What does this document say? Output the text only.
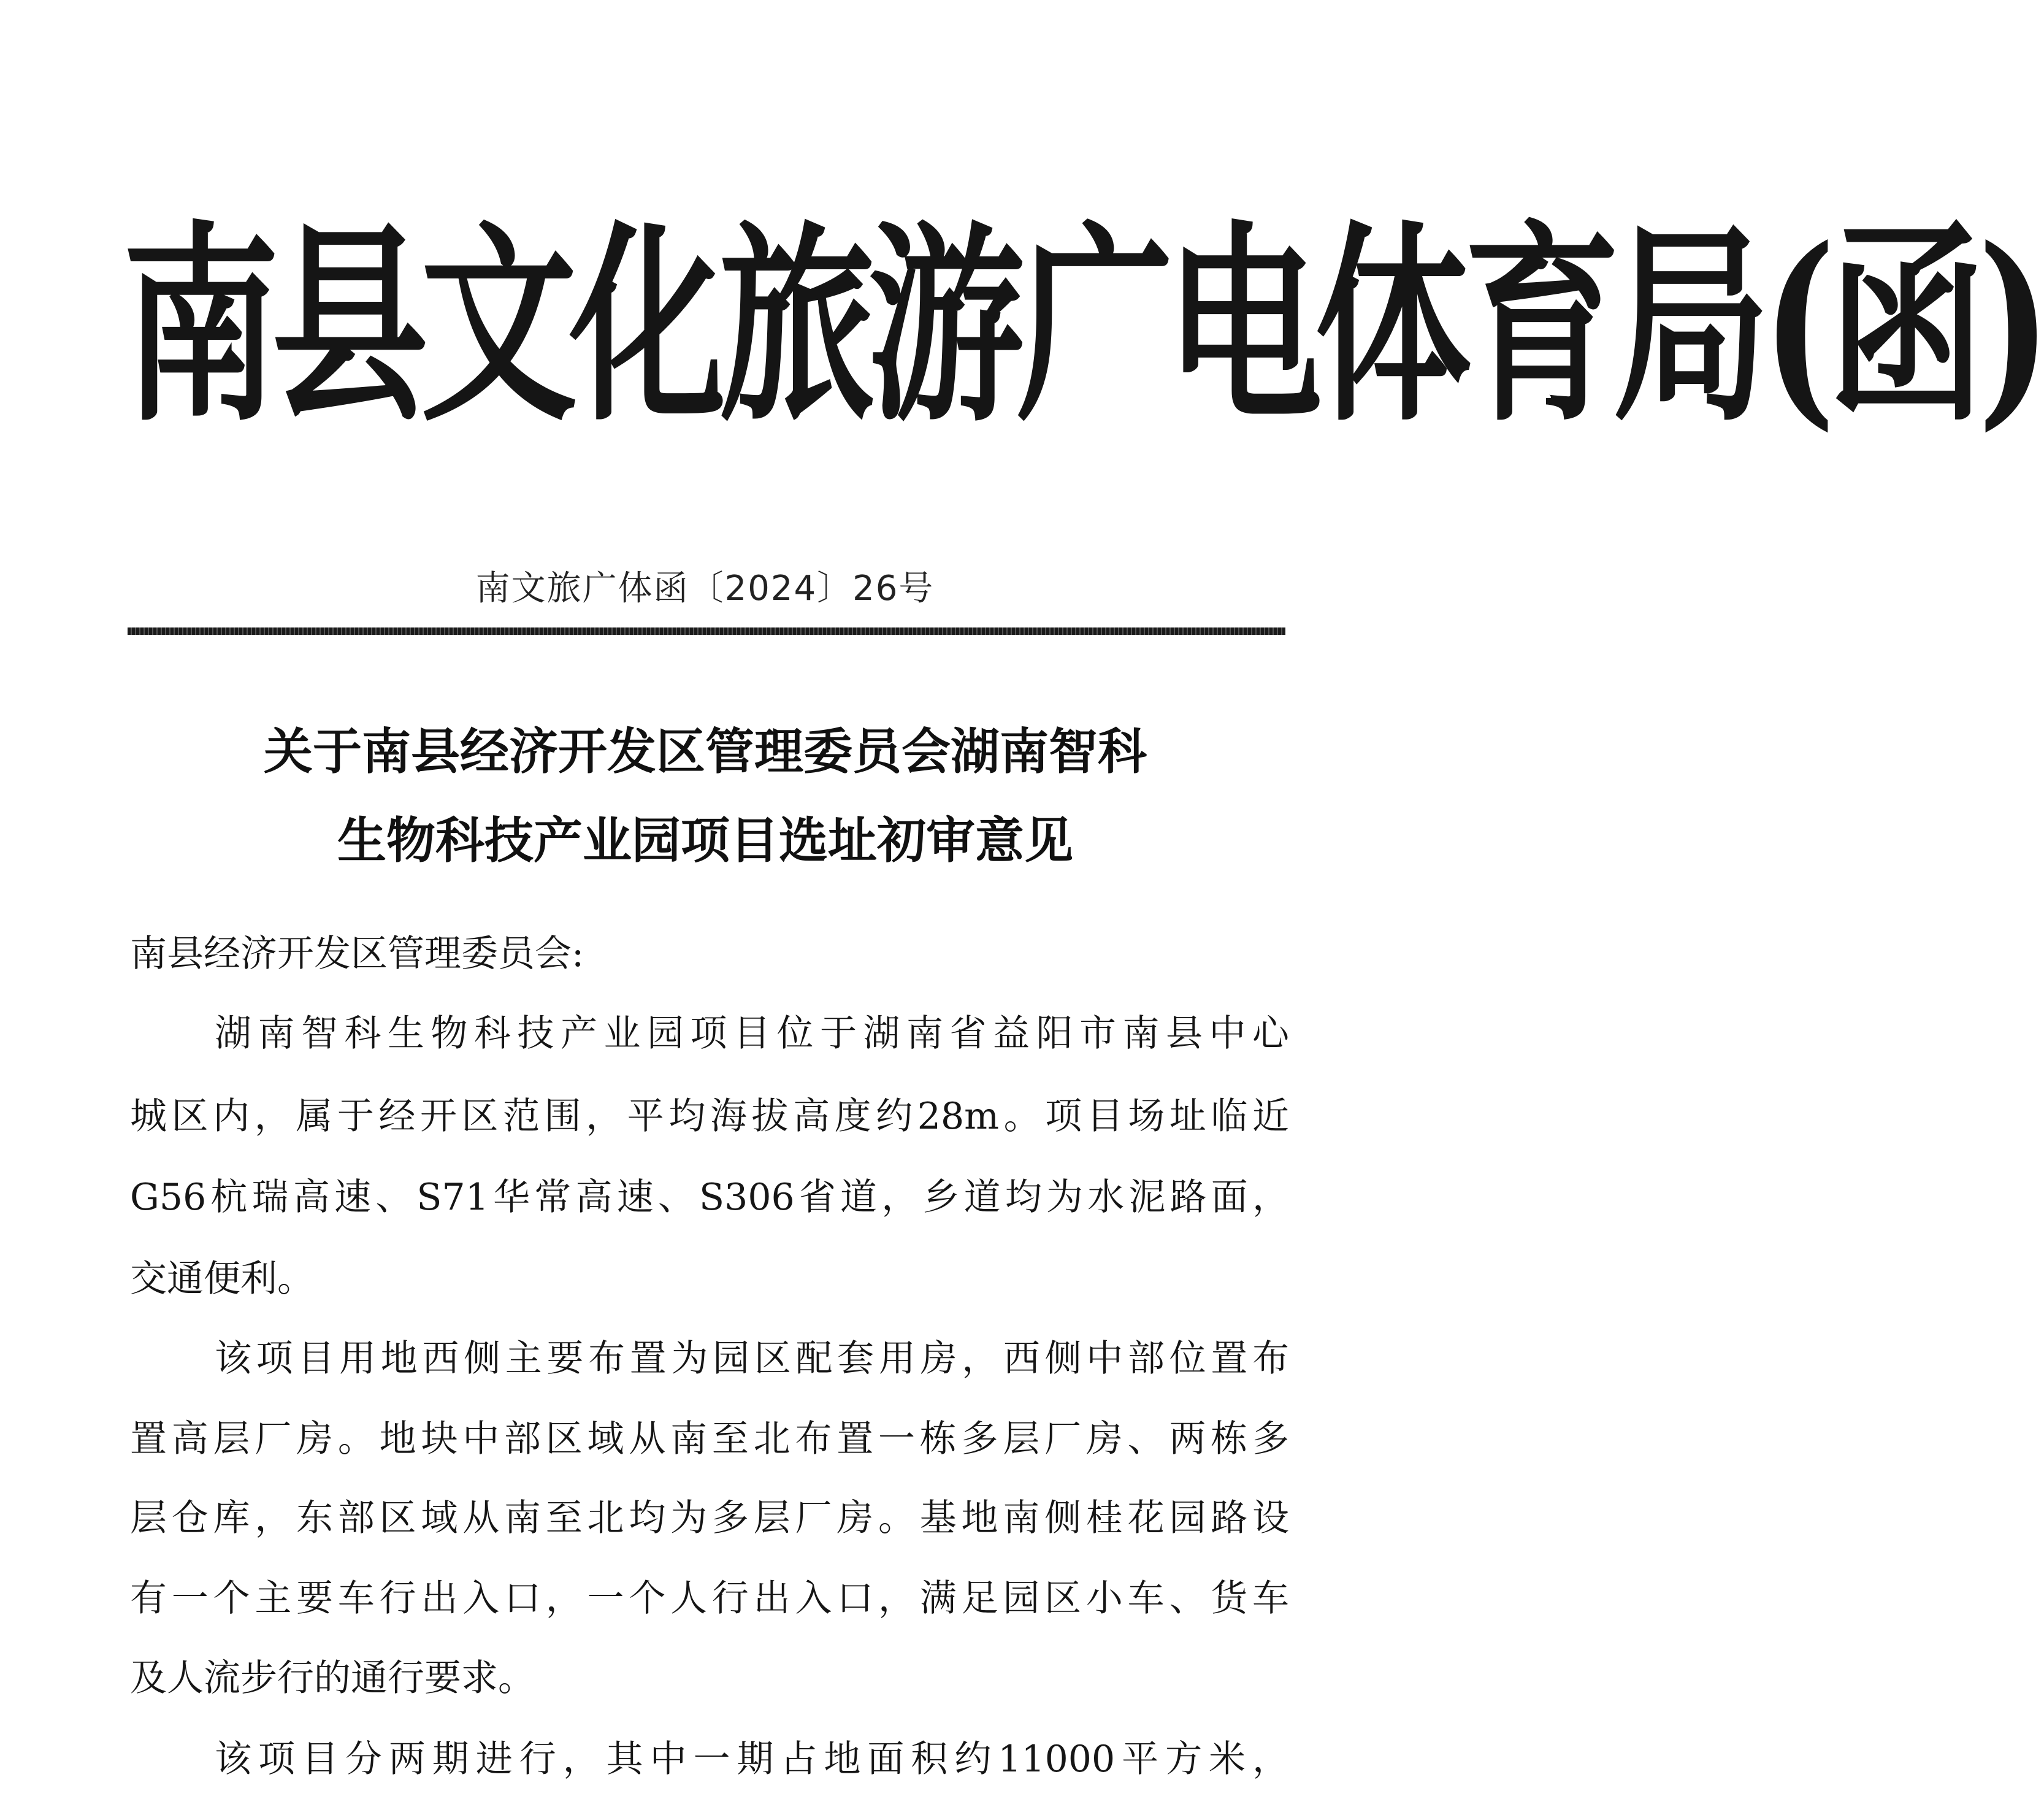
南县文化旅游广电体育局(函)
南文旅广体函〔2024〕26号
关于南县经济开发区管理委员会湖南智科
生物科技产业园项目选址初审意见
南县经济开发区管理委员会:
湖南智科生物科技产业园项目位于湖南省益阳市南县中心
城区内，属于经开区范围，平均海拔高度约28m。项目场址临近
G56杭瑞高速、S71华常高速、S306省道，乡道均为水泥路面，
交通便利。
该项目用地西侧主要布置为园区配套用房，西侧中部位置布
置高层厂房。地块中部区域从南至北布置一栋多层厂房、两栋多
层仓库，东部区域从南至北均为多层厂房。基地南侧桂花园路设
有一个主要车行出入口，一个人行出入口，满足园区小车、货车
及人流步行的通行要求。
该项目分两期进行，其中一期占地面积约11000平方米，
